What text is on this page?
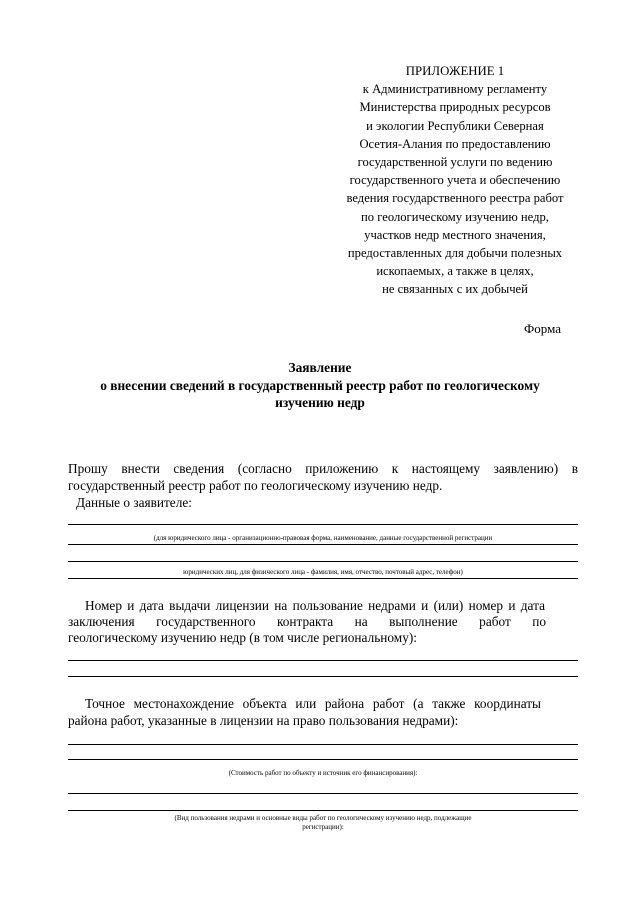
ПРИЛОЖЕНИЕ 1
к Административному регламенту
Министерства природных ресурсов
и экологии Республики Северная
Осетия-Алания по предоставлению
государственной услуги по ведению
государственного учета и обеспечению
ведения государственного реестра работ
по геологическому изучению недр,
участков недр местного значения,
предоставленных для добычи полезных
ископаемых, а также в целях,
не связанных с их добычей
Форма
Заявление
о внесении сведений в государственный реестр работ по геологическому
изучению недр
Прошу внести сведения (согласно приложению к настоящему заявлению) в
государственный реестр работ по геологическому изучению недр.
Данные о заявителе:
(для юридического лица - организационно-правовая форма, наименование, данные государственной регистрации
юридических лиц, для физического лица - фамилия, имя, отчество, почтовый адрес, телефон)
Номер и дата выдачи лицензии на пользование недрами и (или) номер и дата
заключения государственного контракта на выполнение работ по
геологическому изучению недр (в том числе региональному):
Точное местонахождение объекта или района работ (а также координаты
района работ, указанные в лицензии на право пользования недрами):
(Стоимость работ по объекту и источник его финансирования):
(Вид пользования недрами и основные виды работ по геологическому изучению недр, подлежащие
регистрации):
